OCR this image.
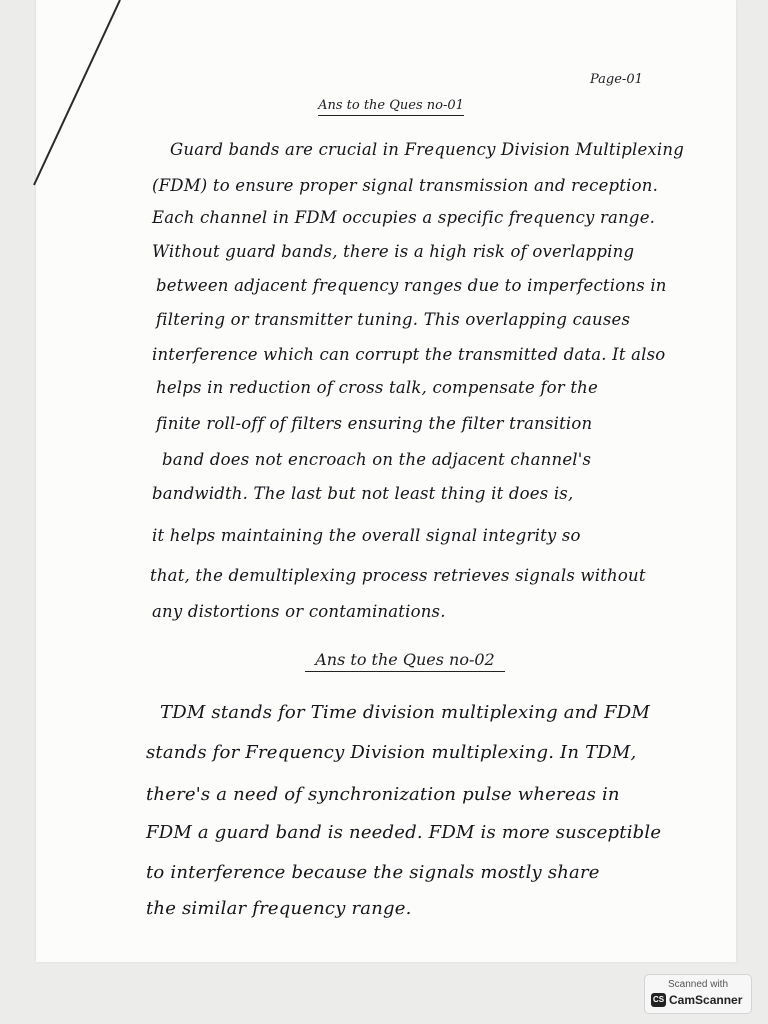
Page-01
Ans to the Ques no-01
Guard bands are crucial in Frequency Division Multiplexing
(FDM) to ensure proper signal transmission and reception.
Each channel in FDM occupies a specific frequency range.
Without guard bands, there is a high risk of overlapping
between adjacent frequency ranges due to imperfections in
filtering or transmitter tuning. This overlapping causes
interference which can corrupt the transmitted data. It also
helps in reduction of cross talk, compensate for the
finite roll-off of filters ensuring the filter transition
band does not encroach on the adjacent channel's
bandwidth. The last but not least thing it does is,
it helps maintaining the overall signal integrity so
that, the demultiplexing process retrieves signals without
any distortions or contaminations.
Ans to the Ques no-02
TDM stands for Time division multiplexing and FDM
stands for Frequency Division multiplexing. In TDM,
there's a need of synchronization pulse whereas in
FDM a guard band is needed. FDM is more susceptible
to interference because the signals mostly share
the similar frequency range.
Scanned with
CS CamScanner
